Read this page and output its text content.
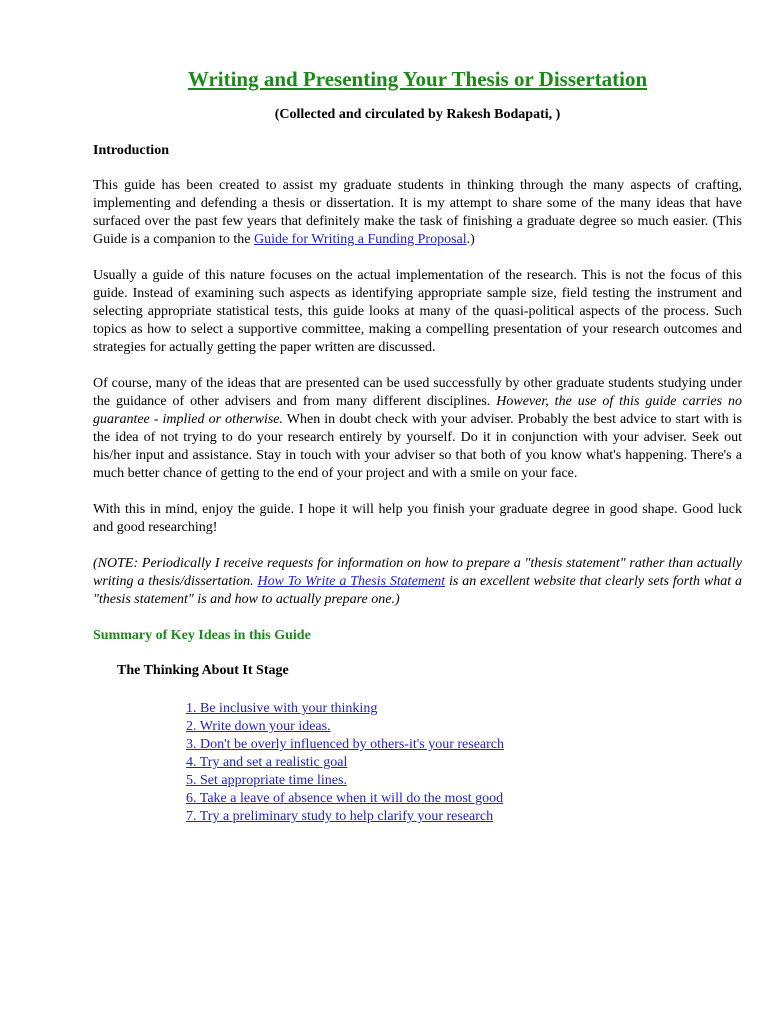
Writing and Presenting Your Thesis or Dissertation
(Collected and circulated by Rakesh Bodapati, )
Introduction

This guide has been created to assist my graduate students in thinking through the many aspects of crafting, implementing and defending a thesis or dissertation. It is my attempt to share some of the many ideas that have surfaced over the past few years that definitely make the task of finishing a graduate degree so much easier. (This Guide is a companion to the Guide for Writing a Funding Proposal.)

Usually a guide of this nature focuses on the actual implementation of the research. This is not the focus of this guide. Instead of examining such aspects as identifying appropriate sample size, field testing the instrument and selecting appropriate statistical tests, this guide looks at many of the quasi-political aspects of the process. Such topics as how to select a supportive committee, making a compelling presentation of your research outcomes and strategies for actually getting the paper written are discussed.

Of course, many of the ideas that are presented can be used successfully by other graduate students studying under the guidance of other advisers and from many different disciplines. However, the use of this guide carries no guarantee - implied or otherwise. When in doubt check with your adviser. Probably the best advice to start with is the idea of not trying to do your research entirely by yourself. Do it in conjunction with your adviser. Seek out his/her input and assistance. Stay in touch with your adviser so that both of you know what's happening. There's a much better chance of getting to the end of your project and with a smile on your face.

With this in mind, enjoy the guide. I hope it will help you finish your graduate degree in good shape. Good luck and good researching!

(NOTE: Periodically I receive requests for information on how to prepare a "thesis statement" rather than actually writing a thesis/dissertation. How To Write a Thesis Statement is an excellent website that clearly sets forth what a "thesis statement" is and how to actually prepare one.)

Summary of Key Ideas in this Guide
The Thinking About It Stage
1. Be inclusive with your thinking
2. Write down your ideas.
3. Don't be overly influenced by others-it's your research
4. Try and set a realistic goal
5. Set appropriate time lines.
6. Take a leave of absence when it will do the most good
7. Try a preliminary study to help clarify your research
